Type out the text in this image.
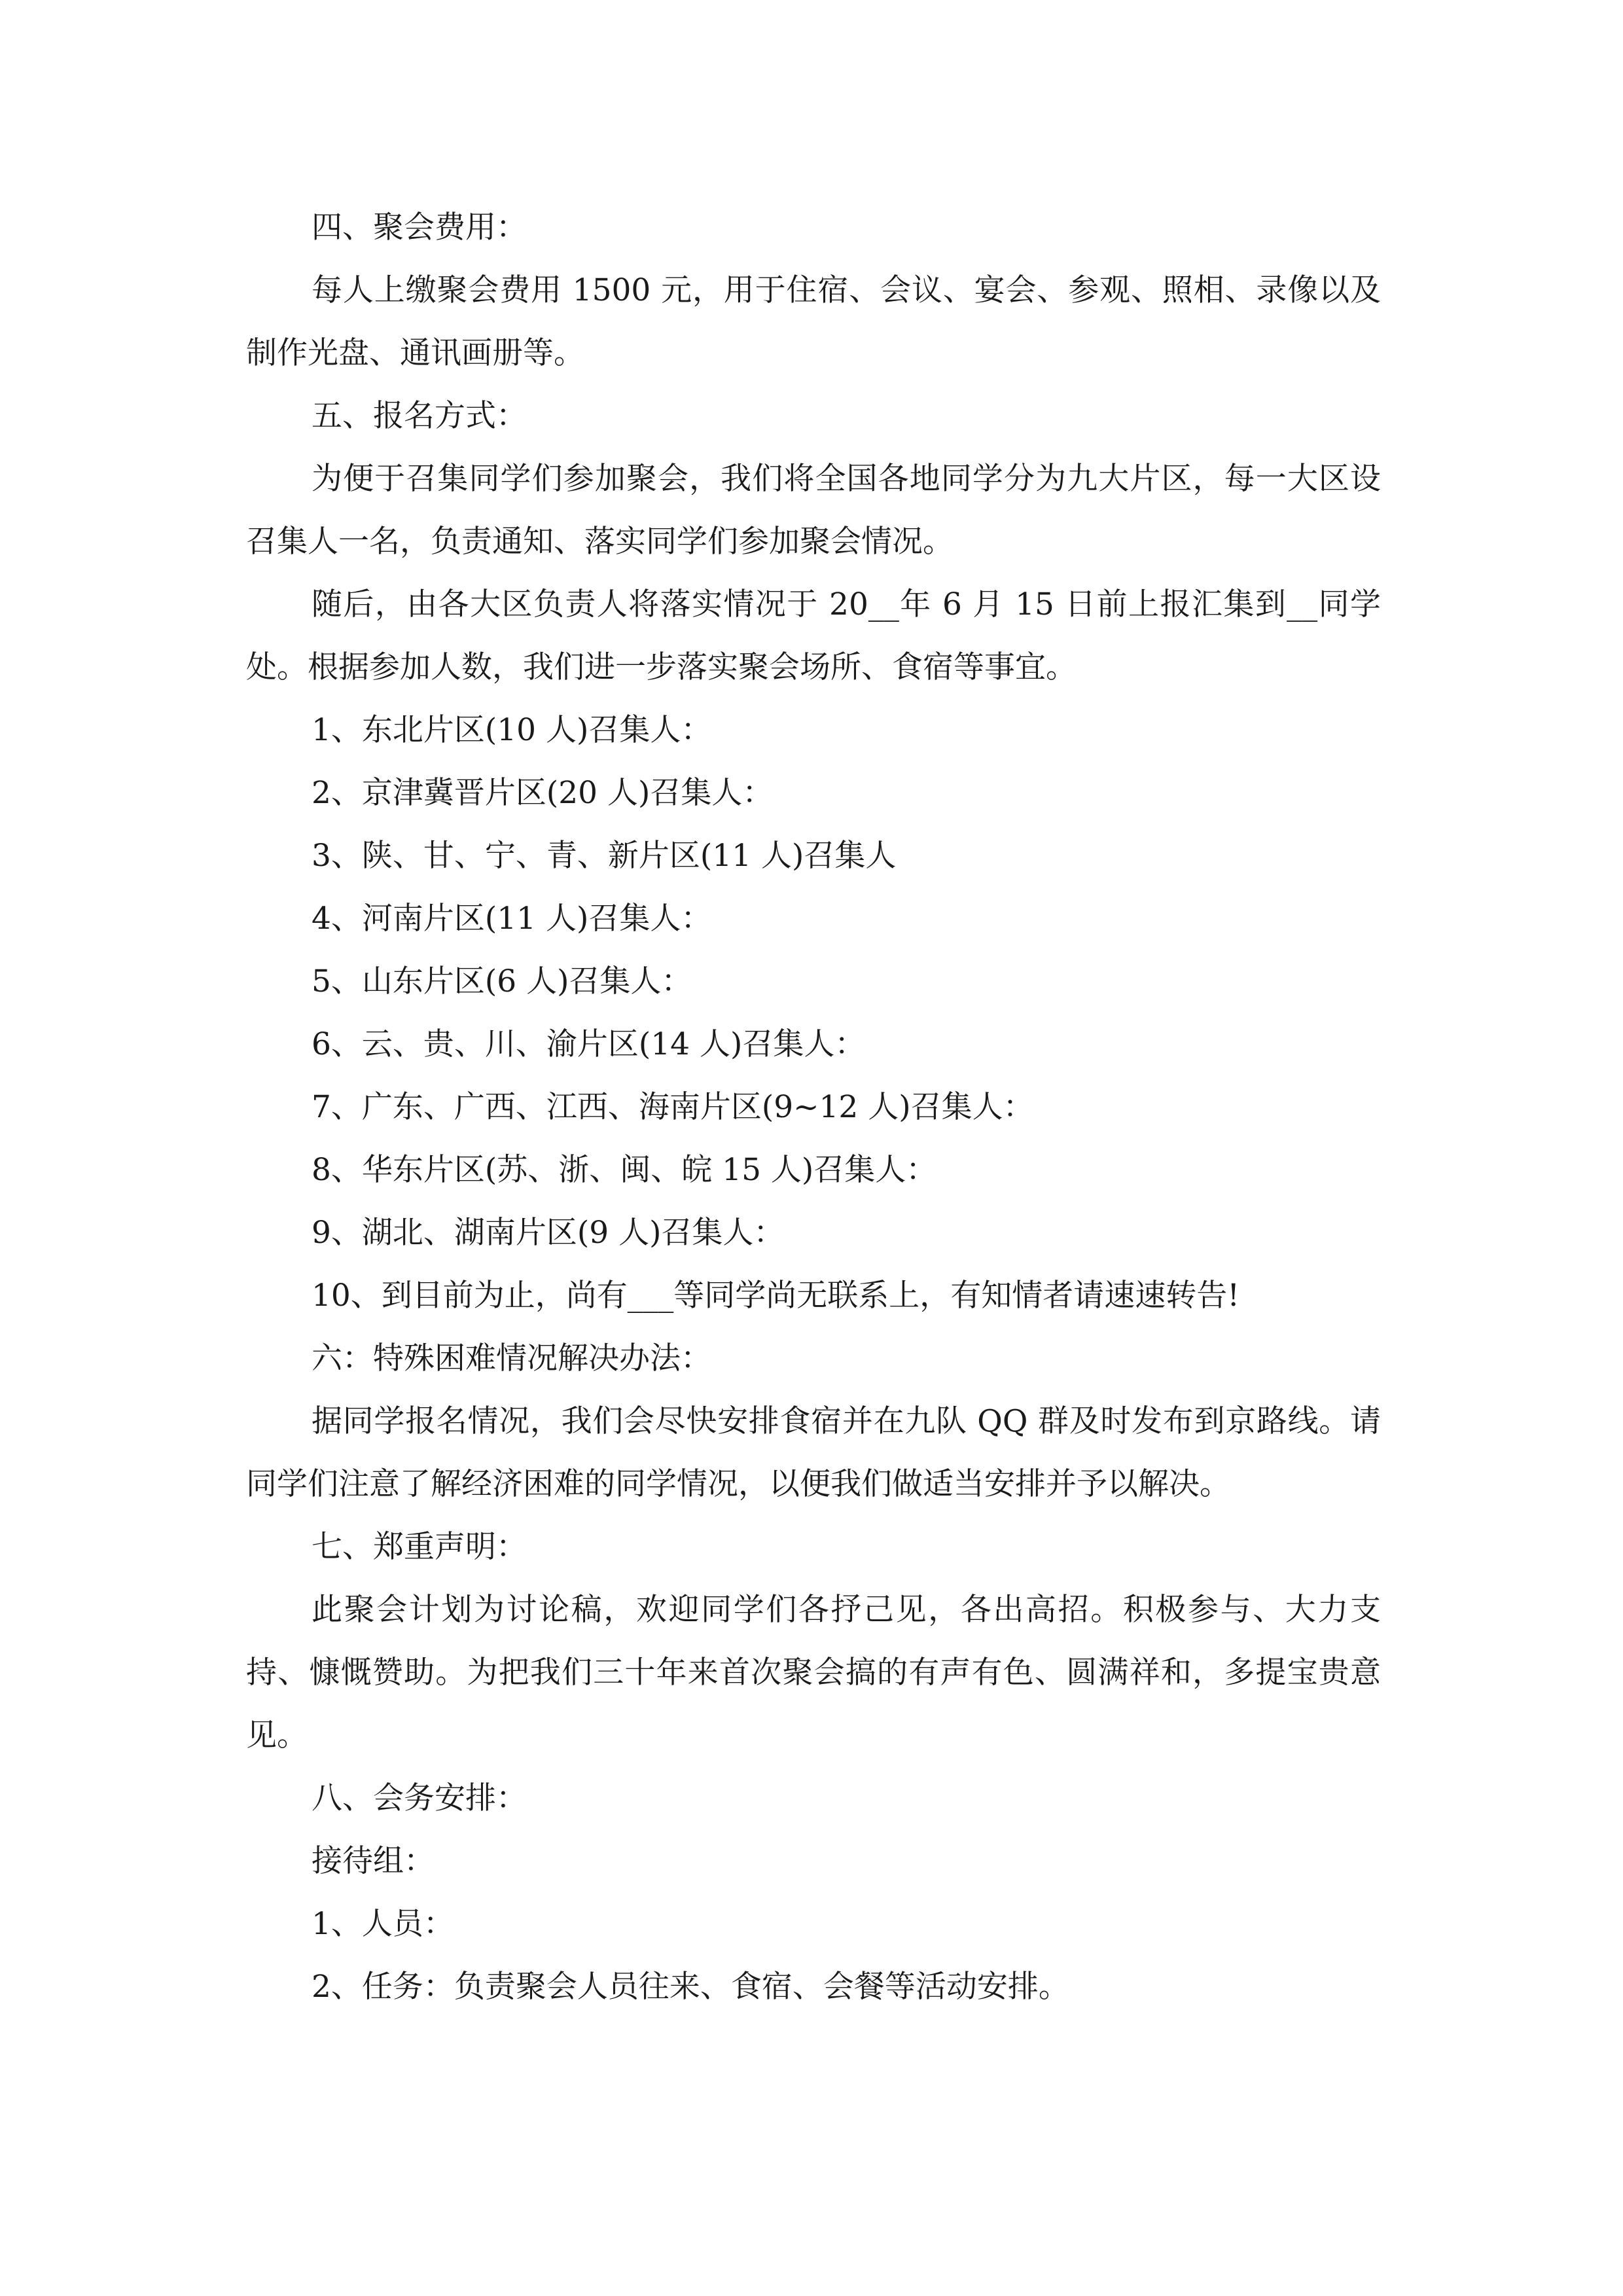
四、聚会费用：

每人上缴聚会费用 1500 元，用于住宿、会议、宴会、参观、照相、录像以及制作光盘、通讯画册等。

五、报名方式：

为便于召集同学们参加聚会，我们将全国各地同学分为九大片区，每一大区设召集人一名，负责通知、落实同学们参加聚会情况。

随后，由各大区负责人将落实情况于 20__年 6 月 15 日前上报汇集到__同学处。根据参加人数，我们进一步落实聚会场所、食宿等事宜。

1、东北片区(10 人)召集人：

2、京津冀晋片区(20 人)召集人：

3、陕、甘、宁、青、新片区(11 人)召集人

4、河南片区(11 人)召集人：

5、山东片区(6 人)召集人：

6、云、贵、川、渝片区(14 人)召集人：

7、广东、广西、江西、海南片区(9~12 人)召集人：

8、华东片区(苏、浙、闽、皖 15 人)召集人：

9、湖北、湖南片区(9 人)召集人：

10、到目前为止，尚有___等同学尚无联系上，有知情者请速速转告!

六：特殊困难情况解决办法：

据同学报名情况，我们会尽快安排食宿并在九队 QQ 群及时发布到京路线。请同学们注意了解经济困难的同学情况，以便我们做适当安排并予以解决。

七、郑重声明：

此聚会计划为讨论稿，欢迎同学们各抒己见，各出高招。积极参与、大力支持、慷慨赞助。为把我们三十年来首次聚会搞的有声有色、圆满祥和，多提宝贵意见。

八、会务安排：

接待组：

1、人员：

2、任务：负责聚会人员往来、食宿、会餐等活动安排。
